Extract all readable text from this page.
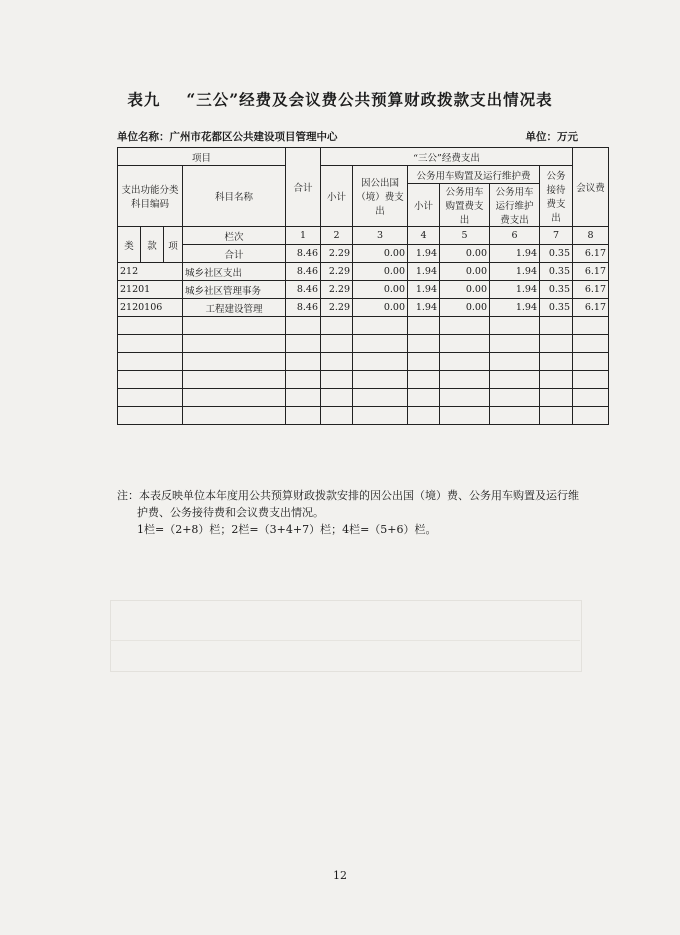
表九 “三公”经费及会议费公共预算财政拨款支出情况表
单位名称：广州市花都区公共建设项目管理中心	单位：万元
项目				合计	“三公”经费支出						会议费	
支出功能分类科目编码			科目名称		小计	因公出国（境）费支出	公务用车购置及运行维护费			公务接待费支出		
							小计	公务用车购置费支出	公务用车运行维护费支出			

类	款	项	栏次	1	2	3	4	5	6	7	8	
			合计	8.46	2.29	0.00	1.94	0.00	1.94	0.35	6.17	
212			城乡社区支出	8.46	2.29	0.00	1.94	0.00	1.94	0.35	6.17	
21201			城乡社区管理事务	8.46	2.29	0.00	1.94	0.00	1.94	0.35	6.17	
2120106			工程建设管理	8.46	2.29	0.00	1.94	0.00	1.94	0.35	6.17	

注：本表反映单位本年度用公共预算财政拨款安排的因公出国（境）费、公务用车购置及运行维
护费、公务接待费和会议费支出情况。
1栏=（2+8）栏；2栏=（3+4+7）栏；4栏=（5+6）栏。
12
